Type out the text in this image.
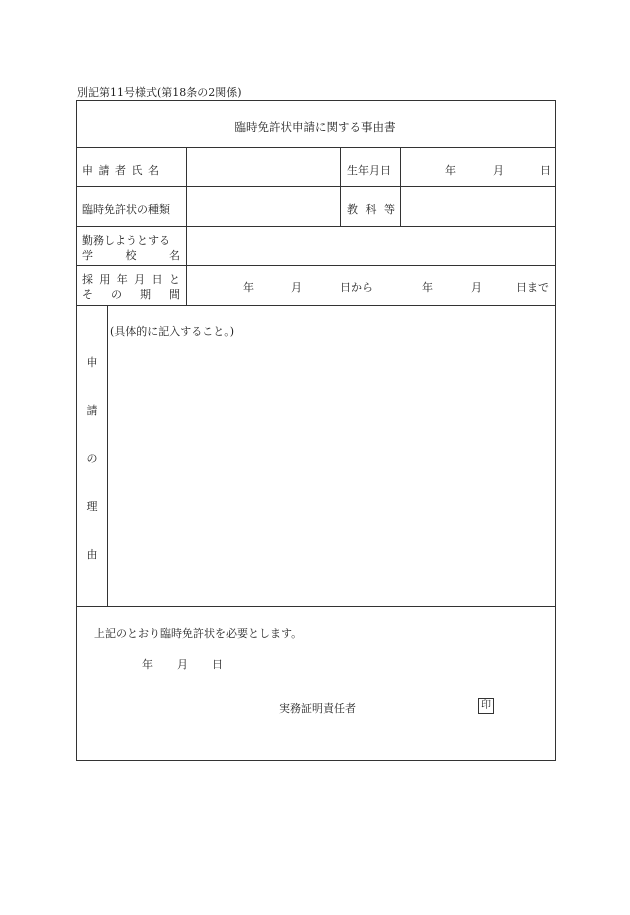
別記第11号様式(第18条の2関係)
臨時免許状申請に関する事由書
申 請 者 氏 名	生年月日	年	月	日
臨時免許状の種類	教 科 等
勤務しようとする
学	校	名
採 用 年 月 日 と
そ の 期 間
年	月	日から	年	月	日まで
申
請
の
理
由
(具体的に記入すること。)
上記のとおり臨時免許状を必要とします。
年 月 日
実務証明責任者	印
